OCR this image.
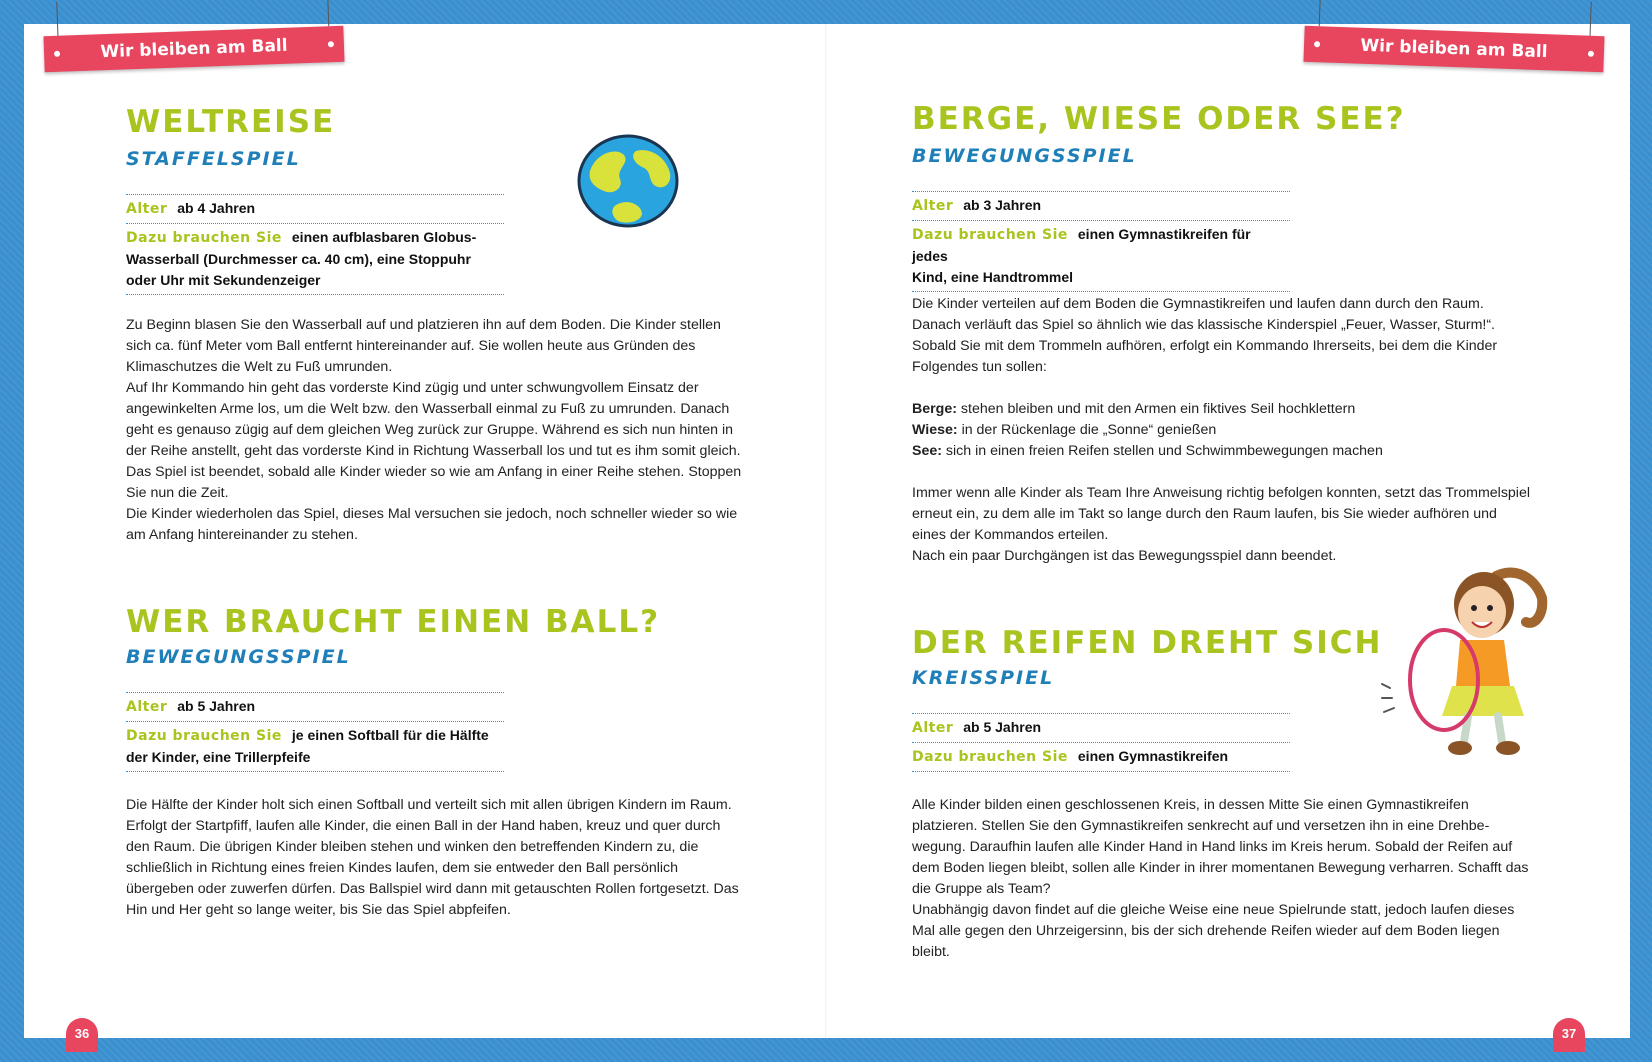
Wir bleiben am Ball	Wir bleiben am Ball
WELTREISE
STAFFELSPIEL
Alter ab 4 Jahren
Dazu brauchen Sie einen aufblasbaren Globus-
Wasserball (Durchmesser ca. 40 cm), eine Stoppuhr oder Uhr mit Sekundenzeiger

Zu Beginn blasen Sie den Wasserball auf und platzieren ihn auf dem Boden. Die Kinder stellen sich ca. fünf Meter vom Ball entfernt hintereinander auf. Sie wollen heute aus Gründen des Klimaschutzes die Welt zu Fuß umrunden.

Auf Ihr Kommando hin geht das vorderste Kind zügig und unter schwungvollem Einsatz der angewinkelten Arme los, um die Welt bzw. den Wasserball einmal zu Fuß zu umrunden. Danach geht es genauso zügig auf dem gleichen Weg zurück zur Gruppe. Während es sich nun hinten in der Reihe anstellt, geht das vorderste Kind in Richtung Wasserball los und tut es ihm somit gleich. Das Spiel ist beendet, sobald alle Kinder wieder so wie am Anfang in einer Reihe stehen. Stoppen Sie nun die Zeit.

Die Kinder wiederholen das Spiel, dieses Mal versuchen sie jedoch, noch schneller wieder so wie am Anfang hintereinander zu stehen.

WER BRAUCHT EINEN BALL?
BEWEGUNGSSPIEL
Alter ab 5 Jahren
Dazu brauchen Sie je einen Softball für die Hälfte
der Kinder, eine Trillerpfeife

Die Hälfte der Kinder holt sich einen Softball und verteilt sich mit allen übrigen Kindern im Raum. Erfolgt der Startpfiff, laufen alle Kinder, die einen Ball in der Hand haben, kreuz und quer durch den Raum. Die übrigen Kinder bleiben stehen und winken den betreffenden Kindern zu, die schließlich in Richtung eines freien Kindes laufen, dem sie entweder den Ball persönlich übergeben oder zuwerfen dürfen. Das Ballspiel wird dann mit getauschten Rollen fortgesetzt. Das Hin und Her geht so lange weiter, bis Sie das Spiel abpfeifen.

BERGE, WIESE ODER SEE?
BEWEGUNGSSPIEL
Alter ab 3 Jahren
Dazu brauchen Sie einen Gymnastikreifen für jedes
Kind, eine Handtrommel

Die Kinder verteilen auf dem Boden die Gymnastikreifen und laufen dann durch den Raum. Danach verläuft das Spiel so ähnlich wie das klassische Kinderspiel „Feuer, Wasser, Sturm!“. Sobald Sie mit dem Trommeln aufhören, erfolgt ein Kommando Ihrerseits, bei dem die Kinder Folgendes tun sollen:

Berge: stehen bleiben und mit den Armen ein fiktives Seil hochklettern

Wiese: in der Rückenlage die „Sonne“ genießen

See: sich in einen freien Reifen stellen und Schwimmbewegungen machen

Immer wenn alle Kinder als Team Ihre Anweisung richtig befolgen konnten, setzt das Trommelspiel erneut ein, zu dem alle im Takt so lange durch den Raum laufen, bis Sie wieder aufhören und eines der Kommandos erteilen.

Nach ein paar Durchgängen ist das Bewegungsspiel dann beendet.

DER REIFEN DREHT SICH
KREISSPIEL
Alter ab 5 Jahren
Dazu brauchen Sie einen Gymnastikreifen

Alle Kinder bilden einen geschlossenen Kreis, in dessen Mitte Sie einen Gymnastikreifen platzieren. Stellen Sie den Gymnastikreifen senkrecht auf und versetzen ihn in eine Drehbewegung. Daraufhin laufen alle Kinder Hand in Hand links im Kreis herum. Sobald der Reifen auf dem Boden liegen bleibt, sollen alle Kinder in ihrer momentanen Bewegung verharren. Schafft das die Gruppe als Team?

Unabhängig davon findet auf die gleiche Weise eine neue Spielrunde statt, jedoch laufen dieses Mal alle gegen den Uhrzeigersinn, bis der sich drehende Reifen wieder auf dem Boden liegen bleibt.

36	37
